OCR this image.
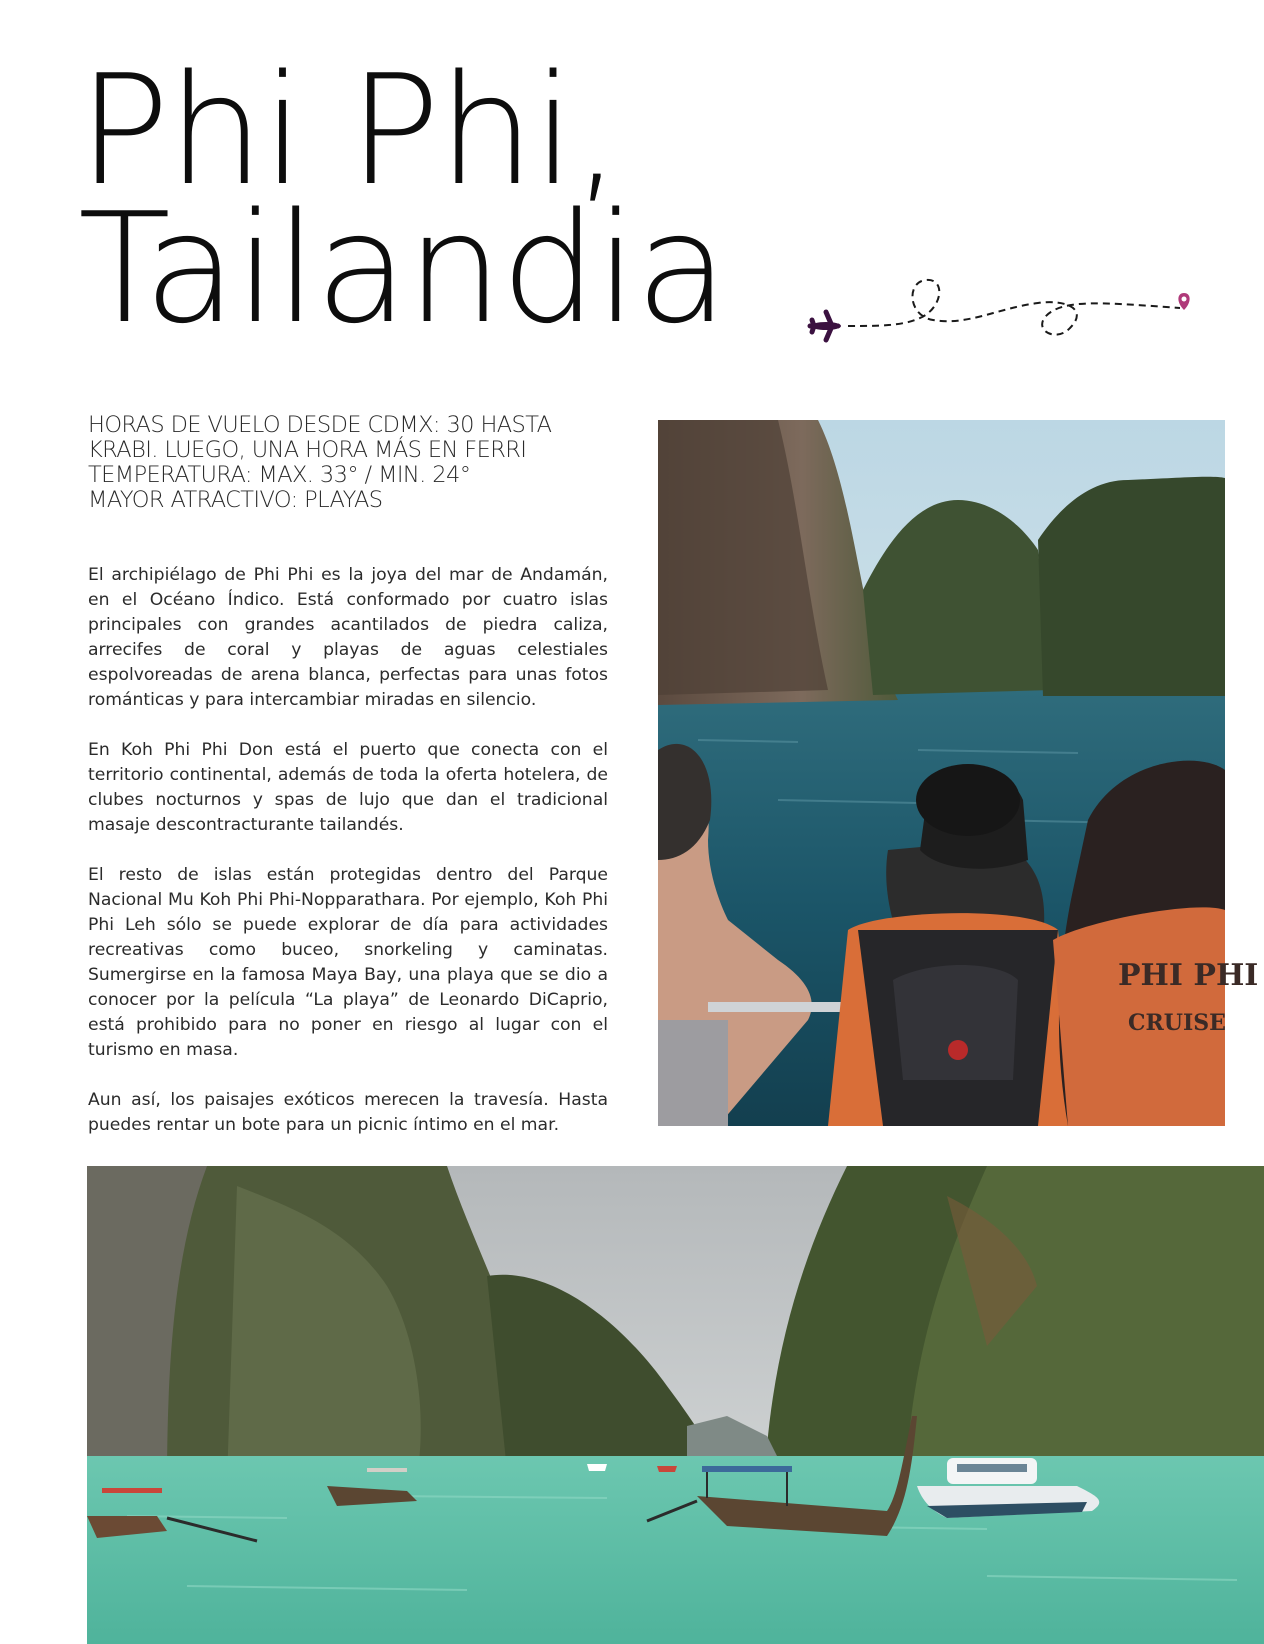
Phi Phi,
Tailandia
HORAS DE VUELO DESDE CDMX: 30 HASTA
KRABI. LUEGO, UNA HORA MÁS EN FERRI
TEMPERATURA: MAX. 33° / MIN. 24°
MAYOR ATRACTIVO: PLAYAS

El archipiélago de Phi Phi es la joya del mar de Andamán, en el Océano Índico. Está conformado por cuatro islas principales con grandes acantilados de piedra caliza, arrecifes de coral y playas de aguas celestiales espolvoreadas de arena blanca, perfectas para unas fotos románticas y para intercambiar miradas en silencio.

En Koh Phi Phi Don está el puerto que conecta con el territorio continental, además de toda la oferta hotelera, de clubes nocturnos y spas de lujo que dan el tradicional masaje descontracturante tailandés.

El resto de islas están protegidas dentro del Parque Nacional Mu Koh Phi Phi-Nopparathara. Por ejemplo, Koh Phi Phi Leh sólo se puede explorar de día para actividades recreativas como buceo, snorkeling y caminatas. Sumergirse en la famosa Maya Bay, una playa que se dio a conocer por la película “La playa” de Leonardo DiCaprio, está prohibido para no poner en riesgo al lugar con el turismo en masa.

Aun así, los paisajes exóticos merecen la travesía. Hasta puedes rentar un bote para un picnic íntimo en el mar.

PHI PHI
CRUISE
